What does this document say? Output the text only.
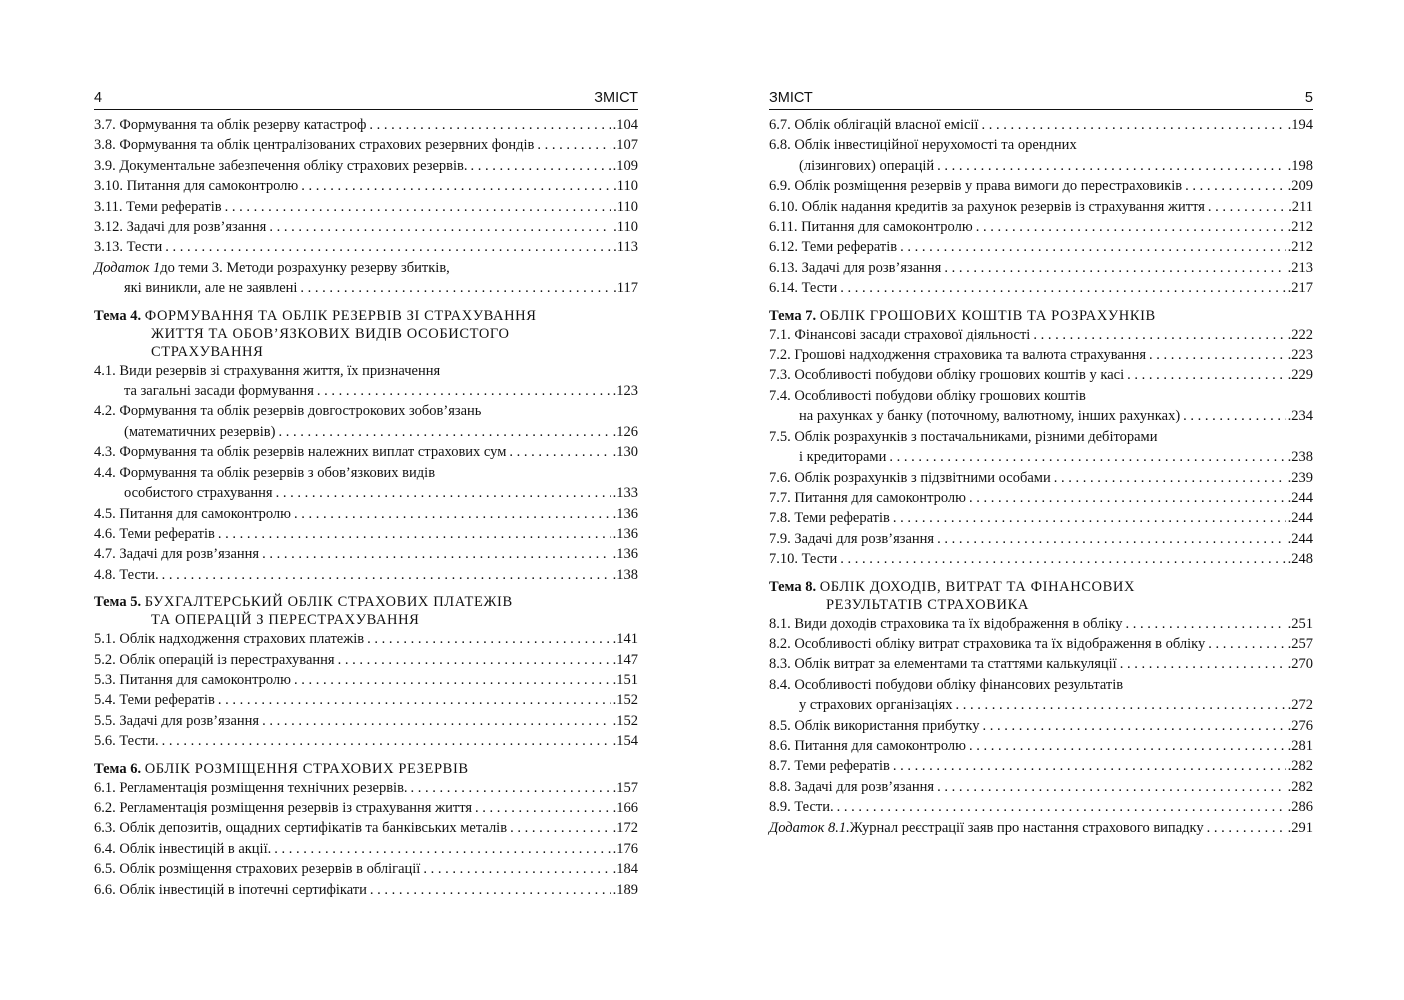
4	ЗМІСТ
3.7. Формування та облік резерву катастроф . . .	.104
3.8. Формування та облік централізованих страхових резервних фондів . . .	.107
3.9. Документальне забезпечення обліку страхових резервів. . . .	.109
3.10. Питання для самоконтролю . . .	.110
3.11. Теми рефератів . . .	.110
3.12. Задачі для розв’язання . . .	.110
3.13. Тести . . .	.113
Додаток 1 до теми 3. Методи розрахунку резерву збитків,
які виникли, але не заявлені . . .	.117
Тема 4. ФОРМУВАННЯ ТА ОБЛІК РЕЗЕРВІВ ЗІ СТРАХУВАННЯ
ЖИТТЯ ТА ОБОВ’ЯЗКОВИХ ВИДІВ ОСОБИСТОГО
СТРАХУВАННЯ
4.1. Види резервів зі страхування життя, їх призначення
та загальні засади формування . . .	.123
4.2. Формування та облік резервів довгострокових зобов’язань
(математичних резервів) . . .	.126
4.3. Формування та облік резервів належних виплат страхових сум . . .	.130
4.4. Формування та облік резервів з обов’язкових видів
особистого страхування . . .	.133
4.5. Питання для самоконтролю . . .	.136
4.6. Теми рефератів . . .	.136
4.7. Задачі для розв’язання . . .	.136
4.8. Тести. . . .	.138
Тема 5. БУХГАЛТЕРСЬКИЙ ОБЛІК СТРАХОВИХ ПЛАТЕЖІВ
ТА ОПЕРАЦІЙ З ПЕРЕСТРАХУВАННЯ
5.1. Облік надходження страхових платежів . . .	.141
5.2. Облік операцій із перестрахування . . .	.147
5.3. Питання для самоконтролю . . .	.151
5.4. Теми рефератів . . .	.152
5.5. Задачі для розв’язання . . .	.152
5.6. Тести. . . .	.154
Тема 6. ОБЛІК РОЗМІЩЕННЯ СТРАХОВИХ РЕЗЕРВІВ
6.1. Регламентація розміщення технічних резервів. . . .	.157
6.2. Регламентація розміщення резервів із страхування життя . . .	.166
6.3. Облік депозитів, ощадних сертифікатів та банківських металів . . .	.172
6.4. Облік інвестицій в акції. . . .	.176
6.5. Облік розміщення страхових резервів в облігації . . .	.184
6.6. Облік інвестицій в іпотечні сертифікати . . .	.189
ЗМІСТ	5
6.7. Облік облігацій власної емісії . . .	.194
6.8. Облік інвестиційної нерухомості та орендних
(лізингових) операцій . . .	.198
6.9. Облік розміщення резервів у права вимоги до перестраховиків . . .	.209
6.10. Облік надання кредитів за рахунок резервів із страхування життя . . .	.211
6.11. Питання для самоконтролю . . .	.212
6.12. Теми рефератів . . .	.212
6.13. Задачі для розв’язання . . .	.213
6.14. Тести . . .	.217
Тема 7. ОБЛІК ГРОШОВИХ КОШТІВ ТА РОЗРАХУНКІВ
7.1. Фінансові засади страхової діяльності . . .	.222
7.2. Грошові надходження страховика та валюта страхування . . .	.223
7.3. Особливості побудови обліку грошових коштів у касі . . .	.229
7.4. Особливості побудови обліку грошових коштів
на рахунках у банку (поточному, валютному, інших рахунках) . . .	.234
7.5. Облік розрахунків з постачальниками, різними дебіторами
і кредиторами . . .	.238
7.6. Облік розрахунків з підзвітними особами . . .	.239
7.7. Питання для самоконтролю . . .	.244
7.8. Теми рефератів . . .	.244
7.9. Задачі для розв’язання . . .	.244
7.10. Тести . . .	.248
Тема 8. ОБЛІК ДОХОДІВ, ВИТРАТ ТА ФІНАНСОВИХ
РЕЗУЛЬТАТІВ СТРАХОВИКА
8.1. Види доходів страховика та їх відображення в обліку . . .	.251
8.2. Особливості обліку витрат страховика та їх відображення в обліку . . .	.257
8.3. Облік витрат за елементами та статтями калькуляції . . .	.270
8.4. Особливості побудови обліку фінансових результатів
у страхових організаціях . . .	.272
8.5. Облік використання прибутку . . .	.276
8.6. Питання для самоконтролю . . .	.281
8.7. Теми рефератів . . .	.282
8.8. Задачі для розв’язання . . .	.282
8.9. Тести. . . .	.286
Додаток 8.1. Журнал реєстрації заяв про настання страхового випадку . . .	.291
